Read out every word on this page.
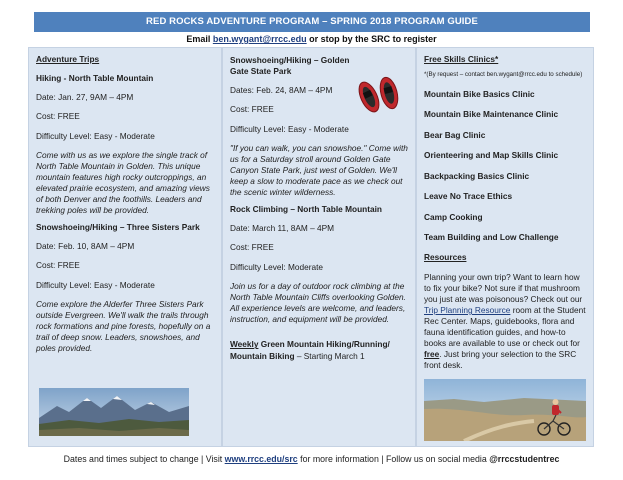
RED ROCKS ADVENTURE PROGRAM – SPRING 2018 PROGRAM GUIDE
Email ben.wygant@rrcc.edu or stop by the SRC to register
Adventure Trips
Hiking - North Table Mountain
Date: Jan. 27, 9AM – 4PM
Cost: FREE
Difficulty Level: Easy - Moderate
Come with us as we explore the single track of North Table Mountain in Golden. This unique mountain features high rocky outcroppings, an elevated prairie ecosystem, and amazing views of both Denver and the foothills. Leaders and trekking poles will be provided.
Snowshoeing/Hiking – Three Sisters Park
Date: Feb. 10, 8AM – 4PM
Cost: FREE
Difficulty Level: Easy - Moderate
Come explore the Alderfer Three Sisters Park outside Evergreen. We'll walk the trails through rock formations and pine forests, hopefully on a trail of deep snow. Leaders, snowshoes, and poles provided.
Snowshoeing/Hiking – Golden Gate State Park
Dates: Feb. 24, 8AM – 4PM
Cost: FREE
Difficulty Level: Easy - Moderate
"If you can walk, you can snowshoe." Come with us for a Saturday stroll around Golden Gate Canyon State Park, just west of Golden. We'll keep a slow to moderate pace as we check out the scenic winter wilderness.
Rock Climbing – North Table Mountain
Date: March 11, 8AM – 4PM
Cost: FREE
Difficulty Level: Moderate
Join us for a day of outdoor rock climbing at the North Table Mountain Cliffs overlooking Golden. All experience levels are welcome, and leaders, instruction, and equipment will be provided.
Weekly Green Mountain Hiking/Running/ Mountain Biking – Starting March 1
Free Skills Clinics*
*(By request – contact ben.wygant@rrcc.edu to schedule)
Mountain Bike Basics Clinic
Mountain Bike Maintenance Clinic
Bear Bag Clinic
Orienteering and Map Skills Clinic
Backpacking Basics Clinic
Leave No Trace Ethics
Camp Cooking
Team Building and Low Challenge
Resources

Planning your own trip? Want to learn how to fix your bike? Not sure if that mushroom you just ate was poisonous? Check out our Trip Planning Resource room at the Student Rec Center. Maps, guidebooks, flora and fauna identification guides, and how-to books are available to use or check out for free. Just bring your selection to the SRC front desk.

Dates and times subject to change | Visit www.rrcc.edu/src for more information | Follow us on social media @rrccstudentrec
